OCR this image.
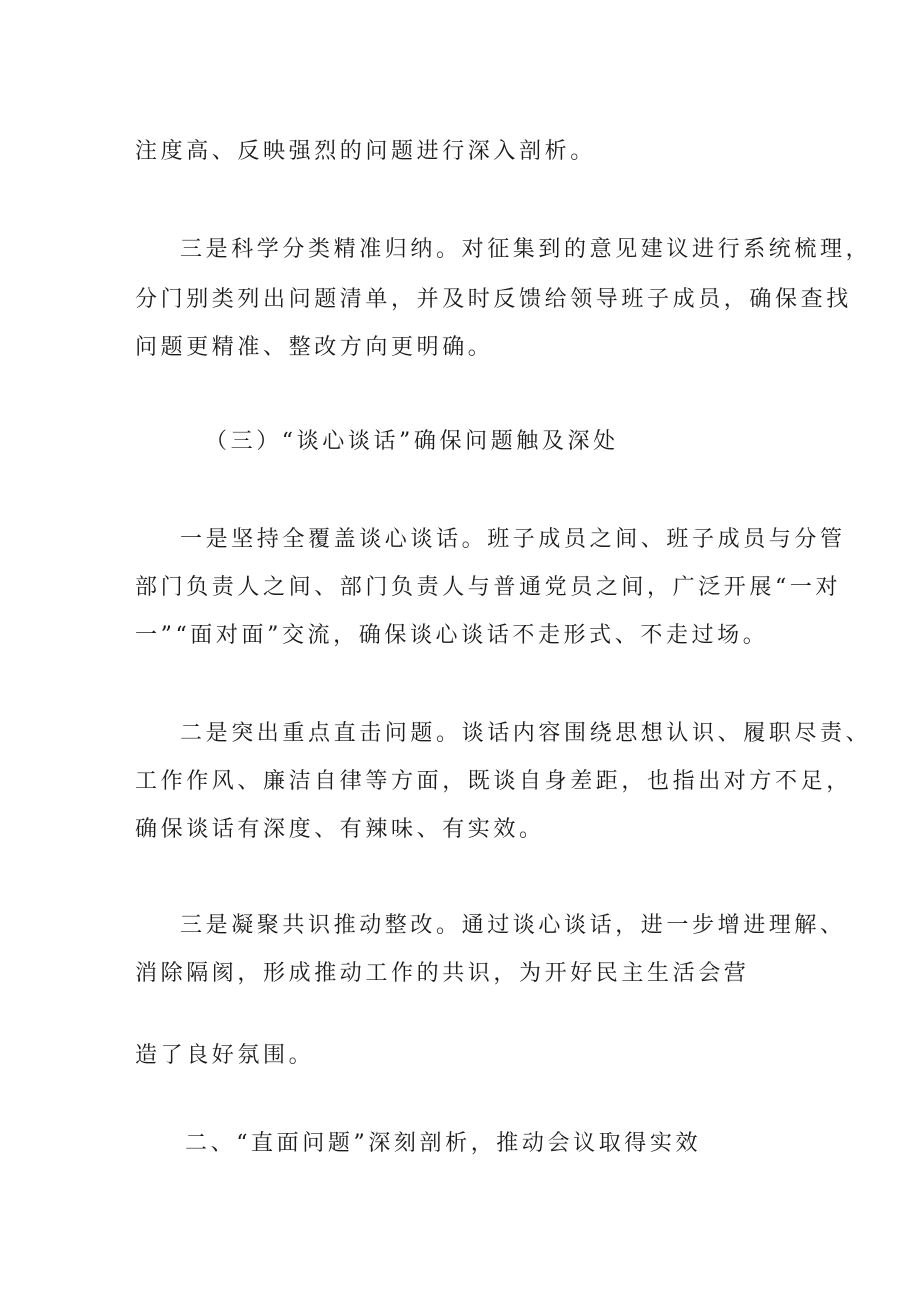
注度高、反映强烈的问题进行深入剖析。
三是科学分类精准归纳。对征集到的意见建议进行系统梳理，
分门别类列出问题清单，并及时反馈给领导班子成员，确保查找
问题更精准、整改方向更明确。
（三）“谈心谈话”确保问题触及深处
一是坚持全覆盖谈心谈话。班子成员之间、班子成员与分管
部门负责人之间、部门负责人与普通党员之间，广泛开展“一对
一”“面对面”交流，确保谈心谈话不走形式、不走过场。
二是突出重点直击问题。谈话内容围绕思想认识、履职尽责、
工作作风、廉洁自律等方面，既谈自身差距，也指出对方不足，
确保谈话有深度、有辣味、有实效。
三是凝聚共识推动整改。通过谈心谈话，进一步增进理解、
消除隔阂，形成推动工作的共识，为开好民主生活会营
造了良好氛围。
二、“直面问题”深刻剖析，推动会议取得实效
